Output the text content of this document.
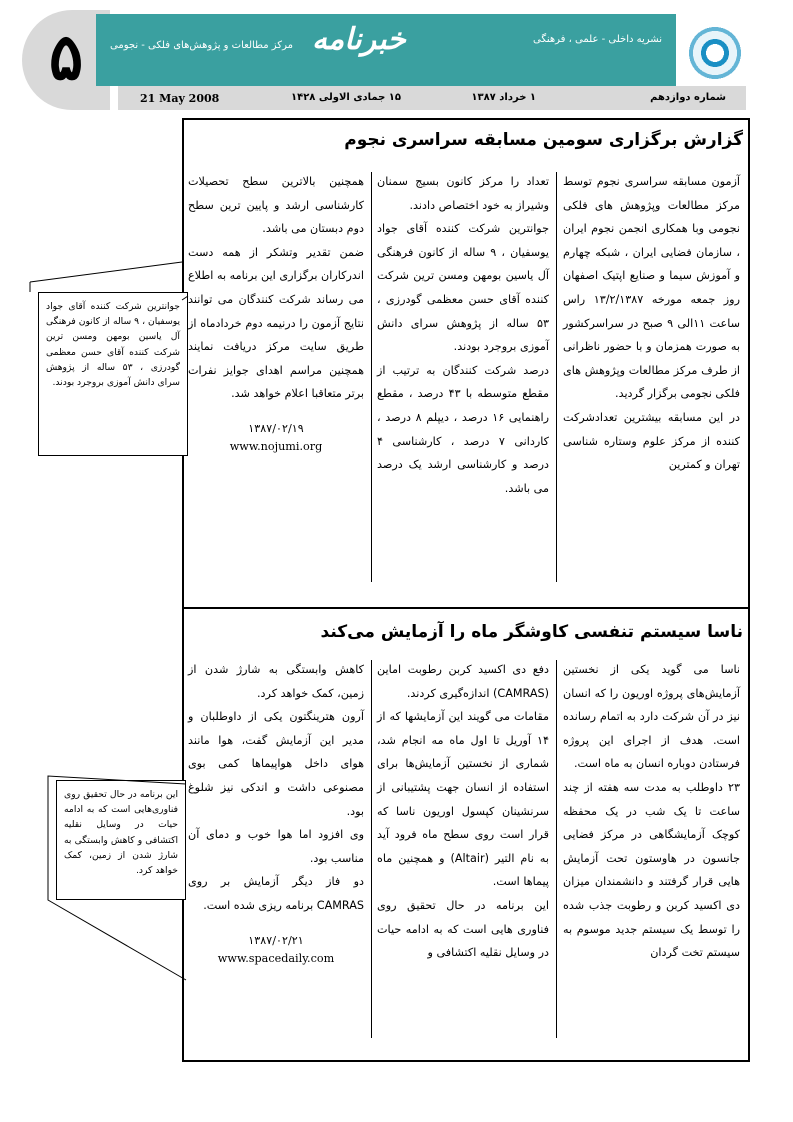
۵	مرکز مطالعات و پژوهش‌های فلکی - نجومی
نشریه داخلی - علمی ، فرهنگی
خبرنامه
شماره دوازدهم
۱ خرداد ۱۳۸۷
۱۵ جمادی الاولی ۱۴۲۸
21 May 2008
گزارش برگزاری سومین مسابقه سراسری نجوم

آزمون مسابقه سراسری نجوم توسط مرکز مطالعات وپژوهش های فلکی نجومی وبا همکاری انجمن نجوم ایران ، سازمان فضایی ایران ، شبکه چهارم و آموزش سیما و صنایع اپتیک اصفهان روز جمعه مورخه ۱۳/۲/۱۳۸۷ راس ساعت ۱۱الی ۹ صبح در سراسرکشور به صورت همزمان و با حضور ناظرانی از طرف مرکز مطالعات وپژوهش های فلکی نجومی برگزار گردید.

در این مسابقه بیشترین تعدادشرکت کننده از مرکز علوم وستاره شناسی تهران و کمترین

تعداد را مرکز کانون بسیج سمنان وشیراز به خود اختصاص دادند.

جوانترین شرکت کننده آقای جواد یوسفیان ، ۹ ساله از کانون فرهنگی آل یاسین بومهن ومسن ترین شرکت کننده آقای حسن معظمی گودرزی ، ۵۳ ساله از پژوهش سرای دانش آموزی بروجرد بودند.

درصد شرکت کنندگان به ترتیب از مقطع متوسطه با ۴۳ درصد ، مقطع راهنمایی ۱۶ درصد ، دیپلم ۸ درصد ، کاردانی ۷ درصد ، کارشناسی ۴ درصد و کارشناسی ارشد یک درصد می باشد.

همچنین بالاترین سطح تحصیلات کارشناسی ارشد و پایین ترین سطح دوم دبستان می باشد.

ضمن تقدیر وتشکر از همه دست اندرکاران برگزاری این برنامه به اطلاع می رساند شرکت کنندگان می توانند نتایج آزمون را درنیمه دوم خردادماه از طریق سایت مرکز دریافت نمایند همچنین مراسم اهدای جوایز نفرات برتر متعاقبا اعلام خواهد شد.

۱۳۸۷/۰۲/۱۹

www.nojumi.org

جوانترین شرکت کننده آقای جواد یوسفیان ، ۹ ساله از کانون فرهنگی آل یاسین بومهن ومسن ترین شرکت کننده آقای حسن معظمی گودرزی ، ۵۳ ساله از پژوهش سرای دانش آموزی بروجرد بودند.
ناسا سیستم تنفسی کاوشگر ماه را آزمایش می‌کند

ناسا می گوید یکی از نخستین آزمایش‌های پروژه اوریون را که انسان نیز در آن شرکت دارد به اتمام رسانده است. هدف از اجرای این پروژه فرستادن دوباره انسان به ماه است.

۲۳ داوطلب به مدت سه هفته از چند ساعت تا یک شب در یک محفظه کوچک آزمایشگاهی در مرکز فضایی جانسون در هاوستون تحت آزمایش هایی قرار گرفتند و دانشمندان میزان دی اکسید کربن و رطوبت جذب شده را توسط یک سیستم جدید موسوم به سیستم تخت گردان

دفع دی اکسید کربن رطوبت اماین (CAMRAS) اندازه‌گیری کردند.

مقامات می گویند این آزمایشها که از ۱۴ آوریل تا اول ماه مه انجام شد، شماری از نخستین آزمایش‌ها برای استفاده از انسان جهت پشتیبانی از سرنشینان کپسول اوریون ناسا که قرار است روی سطح ماه فرود آید به نام التیر (Altair) و همچنین ماه پیماها است.

این برنامه در حال تحقیق روی فناوری هایی است که به ادامه حیات در وسایل نقلیه اکتشافی و

کاهش وابستگی به شارژ شدن از زمین، کمک خواهد کرد.

آرون هترینگتون یکی از داوطلبان و مدیر این آزمایش گفت، هوا مانند هوای داخل هواپیماها کمی بوی مصنوعی داشت و اندکی نیز شلوغ بود.

وی افزود اما هوا خوب و دمای آن مناسب بود.

دو فاز دیگر آزمایش بر روی CAMRAS برنامه ریزی شده است.

۱۳۸۷/۰۲/۲۱

www.spacedaily.com

این برنامه در حال تحقیق روی فناوری‌هایی است که به ادامه حیات در وسایل نقلیه اکتشافی و کاهش وابستگی به شارژ شدن از زمین، کمک خواهد کرد.
